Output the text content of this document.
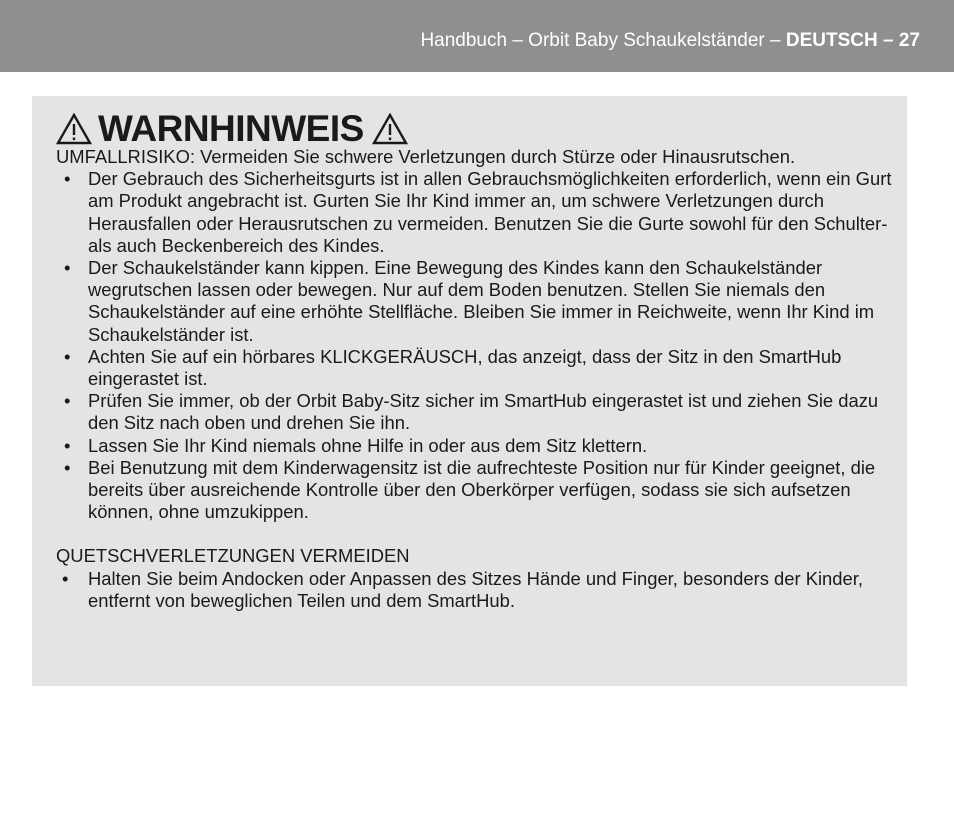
Handbuch – Orbit Baby Schaukelständer – DEUTSCH – 27
WARNHINWEIS

UMFALLRISIKO: Vermeiden Sie schwere Verletzungen durch Stürze oder Hinausrutschen.

• Der Gebrauch des Sicherheitsgurts ist in allen Gebrauchsmöglichkeiten erforderlich, wenn ein Gurt am Produkt angebracht ist. Gurten Sie Ihr Kind immer an, um schwere Verletzungen durch Herausfallen oder Herausrutschen zu vermeiden. Benutzen Sie die Gurte sowohl für den Schulter- als auch Beckenbereich des Kindes.
• Der Schaukelständer kann kippen. Eine Bewegung des Kindes kann den Schaukelständer wegrutschen lassen oder bewegen. Nur auf dem Boden benutzen. Stellen Sie niemals den Schaukelständer auf eine erhöhte Stellfläche. Bleiben Sie immer in Reichweite, wenn Ihr Kind im Schaukelständer ist.
• Achten Sie auf ein hörbares KLICKGERÄUSCH, das anzeigt, dass der Sitz in den SmartHub eingerastet ist.
• Prüfen Sie immer, ob der Orbit Baby-Sitz sicher im SmartHub eingerastet ist und ziehen Sie dazu den Sitz nach oben und drehen Sie ihn.
• Lassen Sie Ihr Kind niemals ohne Hilfe in oder aus dem Sitz klettern.
• Bei Benutzung mit dem Kinderwagensitz ist die aufrechteste Position nur für Kinder geeignet, die bereits über ausreichende Kontrolle über den Oberkörper verfügen, sodass sie sich aufsetzen können, ohne umzukippen.

QUETSCHVERLETZUNGEN VERMEIDEN

• Halten Sie beim Andocken oder Anpassen des Sitzes Hände und Finger, besonders der Kinder, entfernt von beweglichen Teilen und dem SmartHub.
